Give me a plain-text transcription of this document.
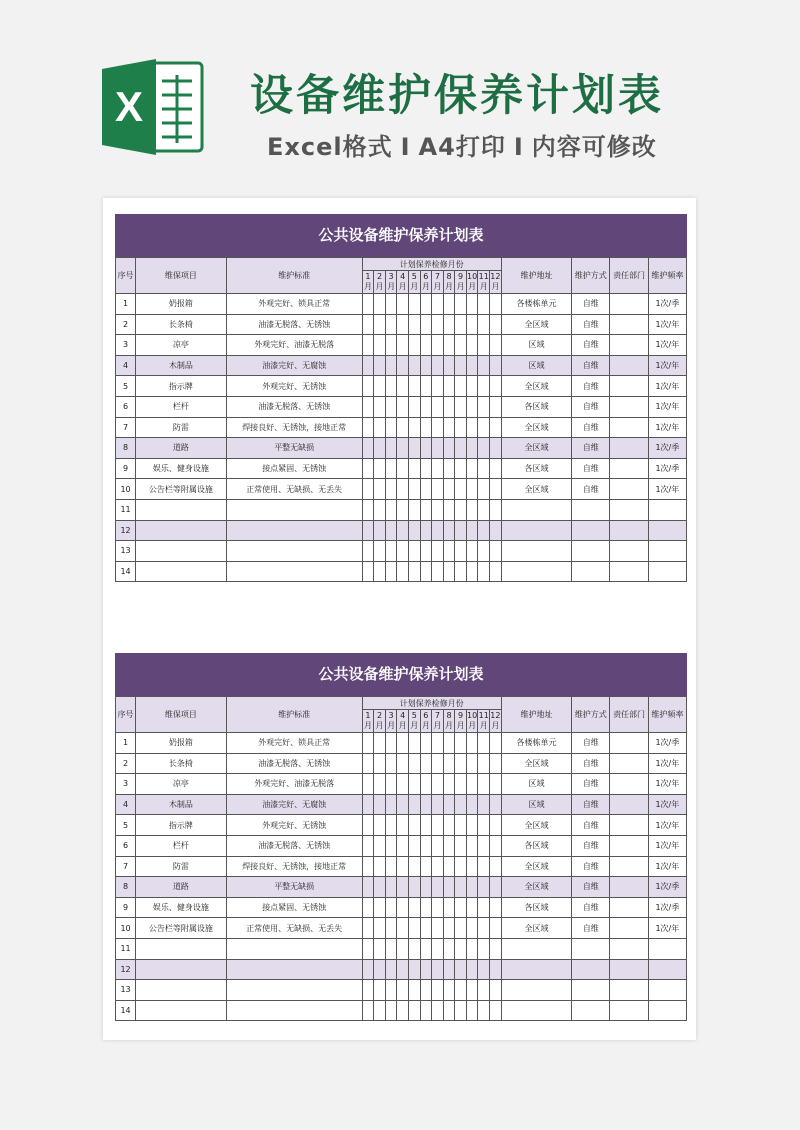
X 设备维护保养计划表
Excel格式 I A4打印 I 内容可修改
公共设备维护保养计划表
序号	维保项目	维护标准	计划保养检修月份												维护地址	维护方式	责任部门	维护频率
			1月	2月	3月	4月	5月	6月	7月	8月	9月	10月	11月	12月				
1	奶报箱	外观完好、锁具正常													各楼栋单元	自维		1次/季
2	长条椅	油漆无脱落、无锈蚀													全区域	自维		1次/年
3	凉亭	外观完好、油漆无脱落													区域	自维		1次/年
4	木制品	油漆完好、无腐蚀													区域	自维		1次/年
5	指示牌	外观完好、无锈蚀													全区域	自维		1次/年
6	栏杆	油漆无脱落、无锈蚀													各区域	自维		1次/年
7	防雷	焊接良好、无锈蚀，接地正常													全区域	自维		1次/年
8	道路	平整无缺损													全区域	自维		1次/季
9	娱乐、健身设施	接点紧固、无锈蚀													各区域	自维		1次/季
10	公告栏等附属设施	正常使用、无缺损、无丢失													全区域	自维		1次/年
11																		
12																		
13																		
14																		
公共设备维护保养计划表
序号	维保项目	维护标准	计划保养检修月份												维护地址	维护方式	责任部门	维护频率
			1月	2月	3月	4月	5月	6月	7月	8月	9月	10月	11月	12月				
1	奶报箱	外观完好、锁具正常													各楼栋单元	自维		1次/季
2	长条椅	油漆无脱落、无锈蚀													全区域	自维		1次/年
3	凉亭	外观完好、油漆无脱落													区域	自维		1次/年
4	木制品	油漆完好、无腐蚀													区域	自维		1次/年
5	指示牌	外观完好、无锈蚀													全区域	自维		1次/年
6	栏杆	油漆无脱落、无锈蚀													各区域	自维		1次/年
7	防雷	焊接良好、无锈蚀，接地正常													全区域	自维		1次/年
8	道路	平整无缺损													全区域	自维		1次/季
9	娱乐、健身设施	接点紧固、无锈蚀													各区域	自维		1次/季
10	公告栏等附属设施	正常使用、无缺损、无丢失													全区域	自维		1次/年
11																		
12																		
13																		
14																		
